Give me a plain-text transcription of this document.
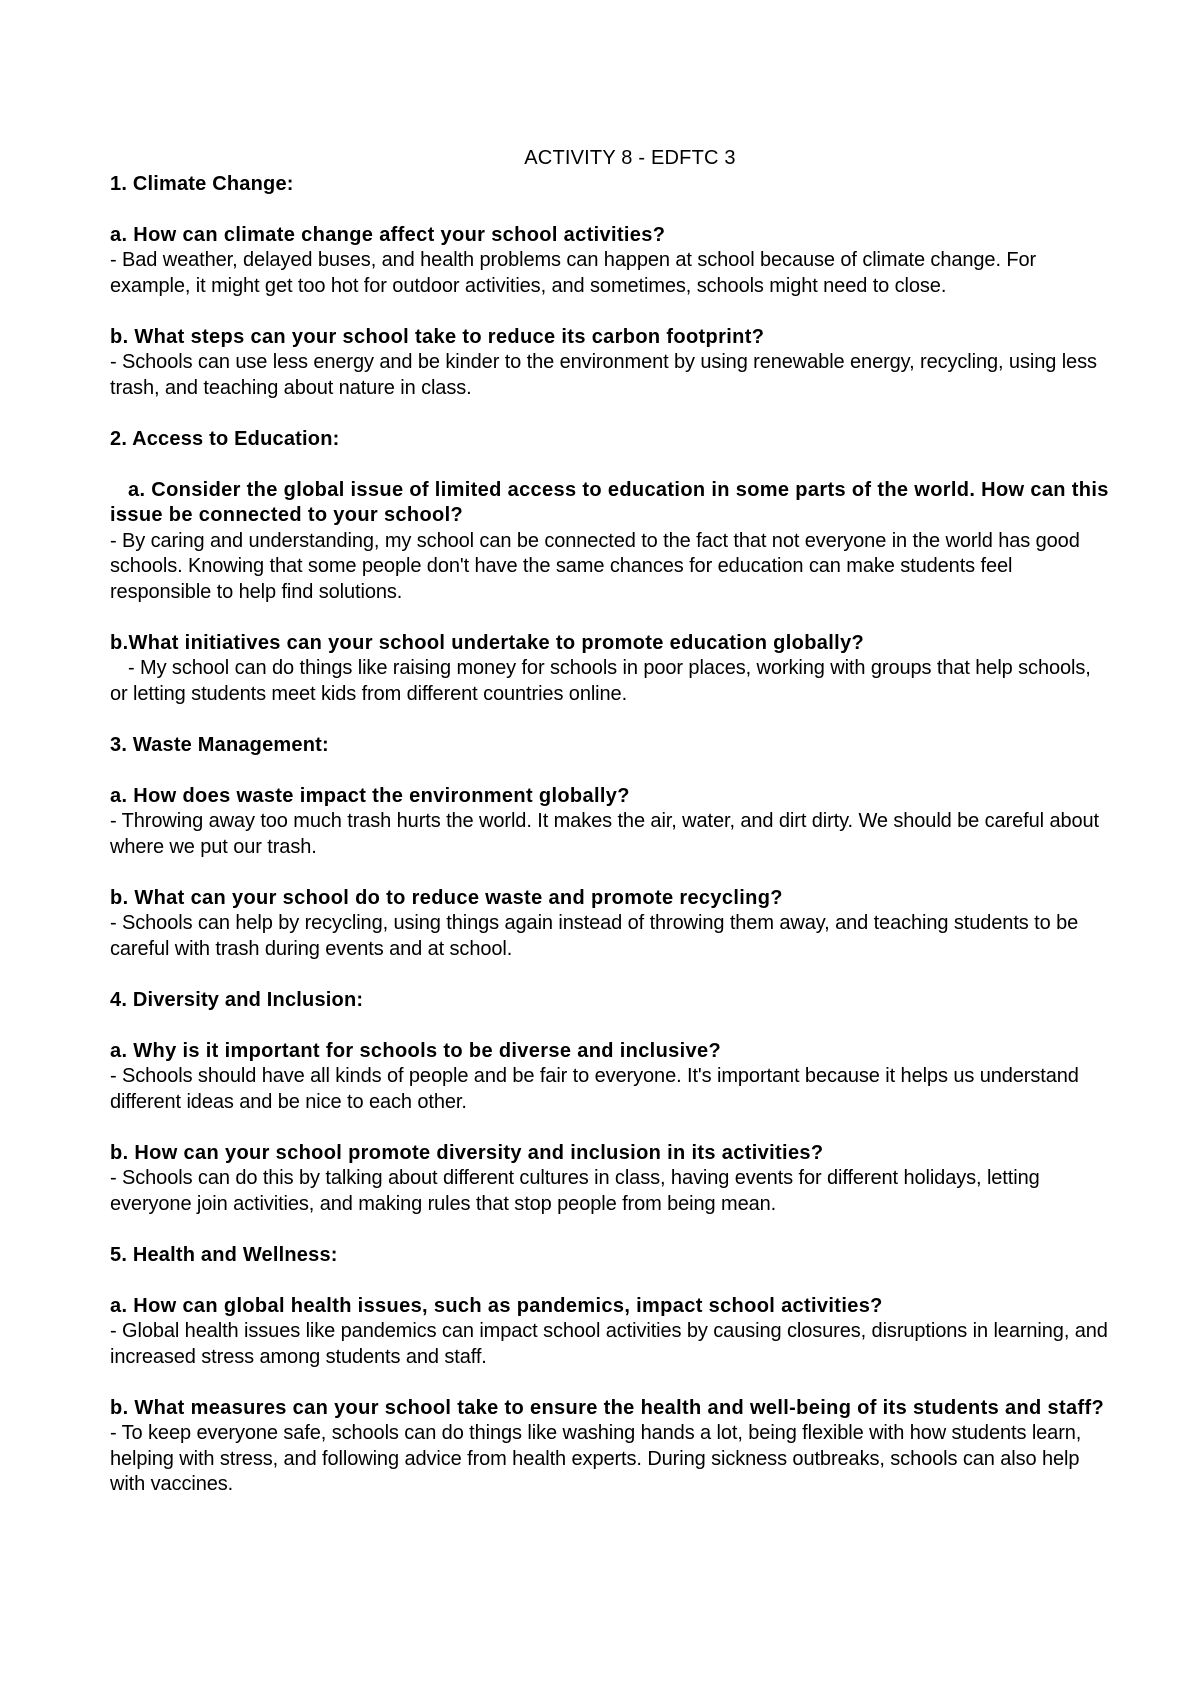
ACTIVITY 8 - EDFTC 3

1. Climate Change:

a. How can climate change affect your school activities?

- Bad weather, delayed buses, and health problems can happen at school because of climate change. For example, it might get too hot for outdoor activities, and sometimes, schools might need to close.

b. What steps can your school take to reduce its carbon footprint?

- Schools can use less energy and be kinder to the environment by using renewable energy, recycling, using less trash, and teaching about nature in class.

2. Access to Education:

a. Consider the global issue of limited access to education in some parts of the world. How can this issue be connected to your school?

- By caring and understanding, my school can be connected to the fact that not everyone in the world has good schools. Knowing that some people don't have the same chances for education can make students feel responsible to help find solutions.

b.What initiatives can your school undertake to promote education globally?

- My school can do things like raising money for schools in poor places, working with groups that help schools, or letting students meet kids from different countries online.

3. Waste Management:

a. How does waste impact the environment globally?

- Throwing away too much trash hurts the world. It makes the air, water, and dirt dirty. We should be careful about where we put our trash.

b. What can your school do to reduce waste and promote recycling?

- Schools can help by recycling, using things again instead of throwing them away, and teaching students to be careful with trash during events and at school.

4. Diversity and Inclusion:

a. Why is it important for schools to be diverse and inclusive?

- Schools should have all kinds of people and be fair to everyone. It's important because it helps us understand different ideas and be nice to each other.

b. How can your school promote diversity and inclusion in its activities?

- Schools can do this by talking about different cultures in class, having events for different holidays, letting everyone join activities, and making rules that stop people from being mean.

5. Health and Wellness:

a. How can global health issues, such as pandemics, impact school activities?

- Global health issues like pandemics can impact school activities by causing closures, disruptions in learning, and increased stress among students and staff.

b. What measures can your school take to ensure the health and well-being of its students and staff?

- To keep everyone safe, schools can do things like washing hands a lot, being flexible with how students learn, helping with stress, and following advice from health experts. During sickness outbreaks, schools can also help with vaccines.
